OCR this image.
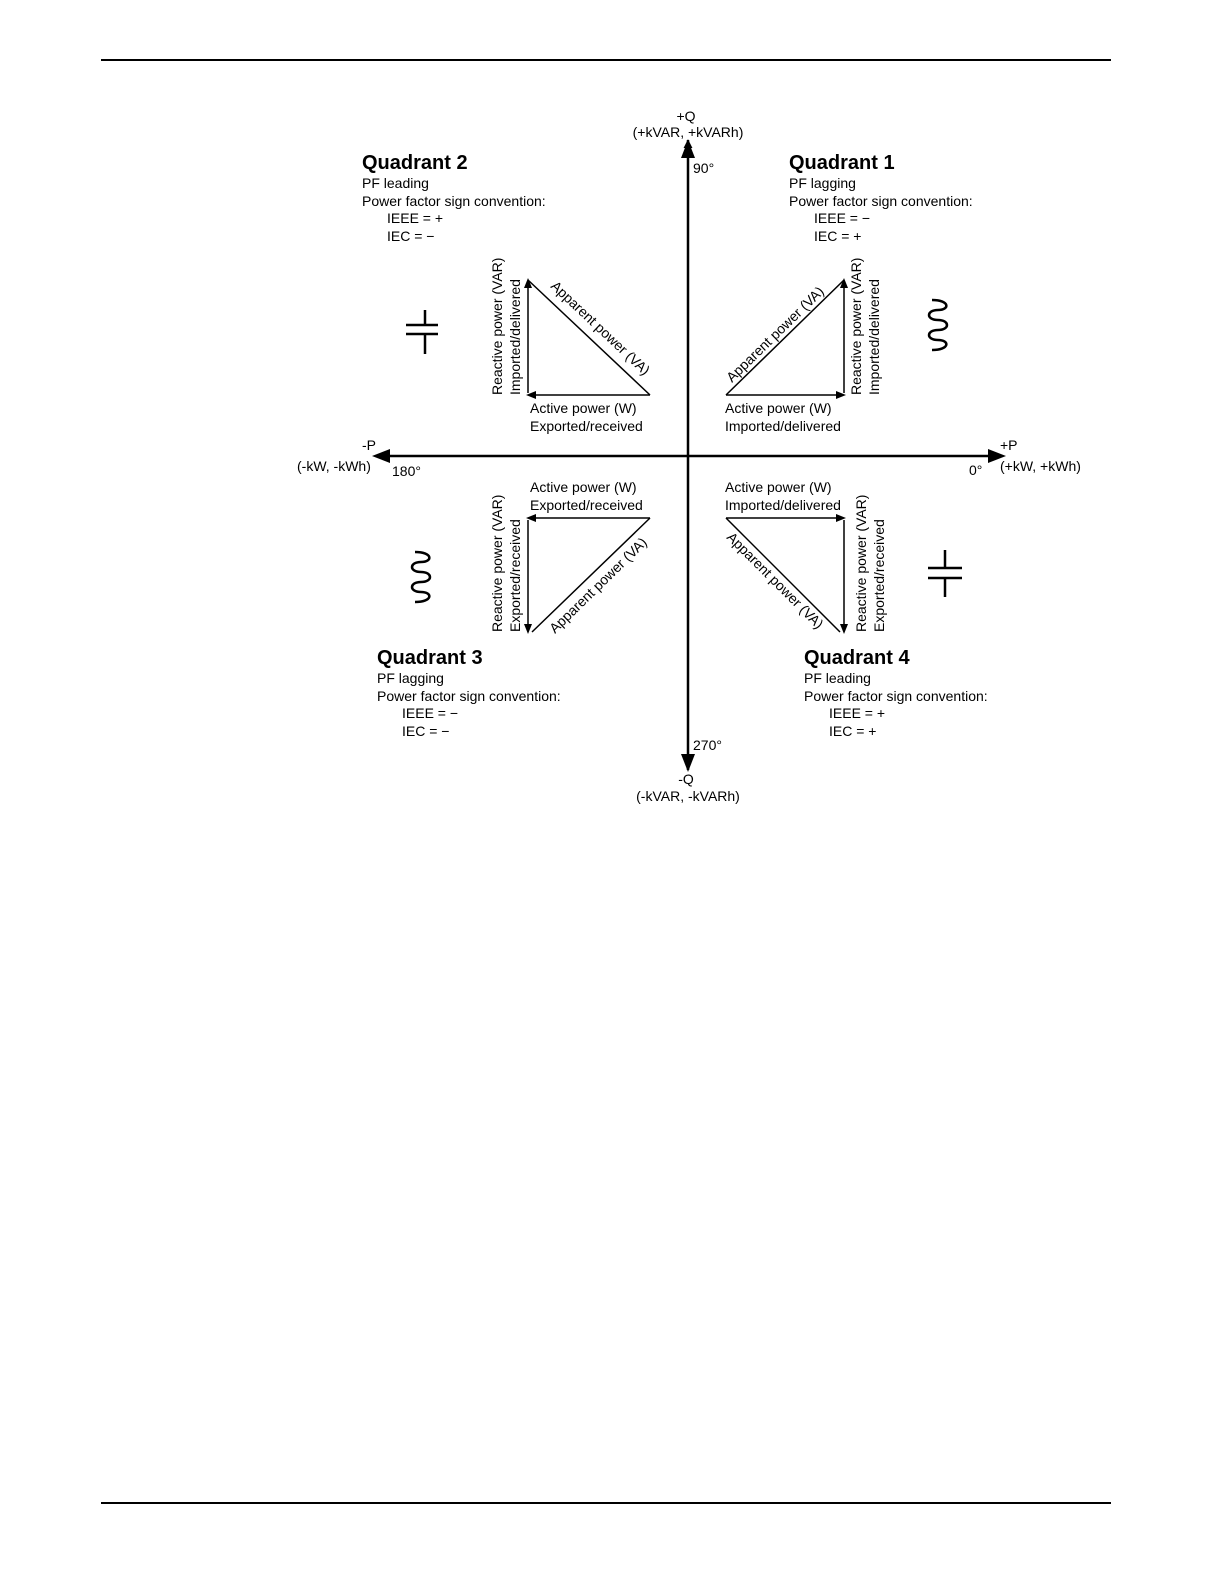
+Q
(+kVAR, +kVARh)
90°
-Q
(-kVAR, -kVARh)
270°
+P
(+kW, +kWh)
0°
-P
(-kW, -kWh) 180°
Quadrant 2
PF leading
Power factor sign convention:
IEEE = +
IEC = −
Reactive power (VAR) Imported/delivered Apparent power (VA)
Active power (W)
Exported/received
Quadrant 1
PF lagging
Power factor sign convention:
IEEE = −
IEC = +
Apparent power (VA) Reactive power (VAR) Imported/delivered
Active power (W)
Imported/delivered
Active power (W)
Exported/received
Reactive power (VAR) Exported/received Apparent power (VA)
Quadrant 3
PF lagging
Power factor sign convention:
IEEE = −
IEC = −
Active power (W)
Imported/delivered
Apparent power (VA) Reactive power (VAR) Exported/received
Quadrant 4
PF leading
Power factor sign convention:
IEEE = +
IEC = +
